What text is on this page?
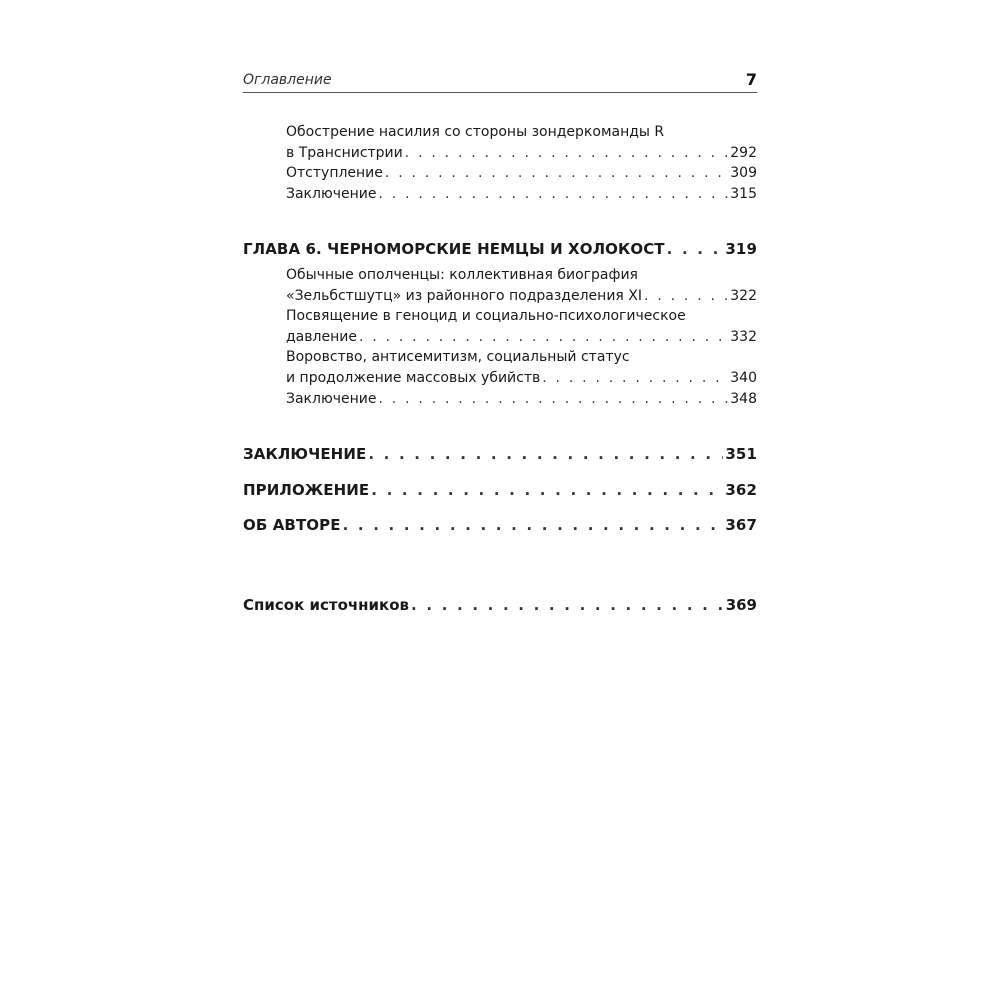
Оглавление	7
Обострение насилия со стороны зондеркоманды R
в Транснистрии . . .	292
Отступление . . .	309
Заключение . . .	315
ГЛАВА 6. ЧЕРНОМОРСКИЕ НЕМЦЫ И ХОЛОКОСТ . . .	319
Обычные ополченцы: коллективная биография
«Зельбстшутц» из районного подразделения XI . . .	322
Посвящение в геноцид и социально-психологическое
давление . . .	332
Воровство, антисемитизм, социальный статус
и продолжение массовых убийств . . .	340
Заключение . . .	348
ЗАКЛЮЧЕНИЕ . . .	351
ПРИЛОЖЕНИЕ . . .	362
ОБ АВТОРЕ . . .	367
Список источников . . .	369
